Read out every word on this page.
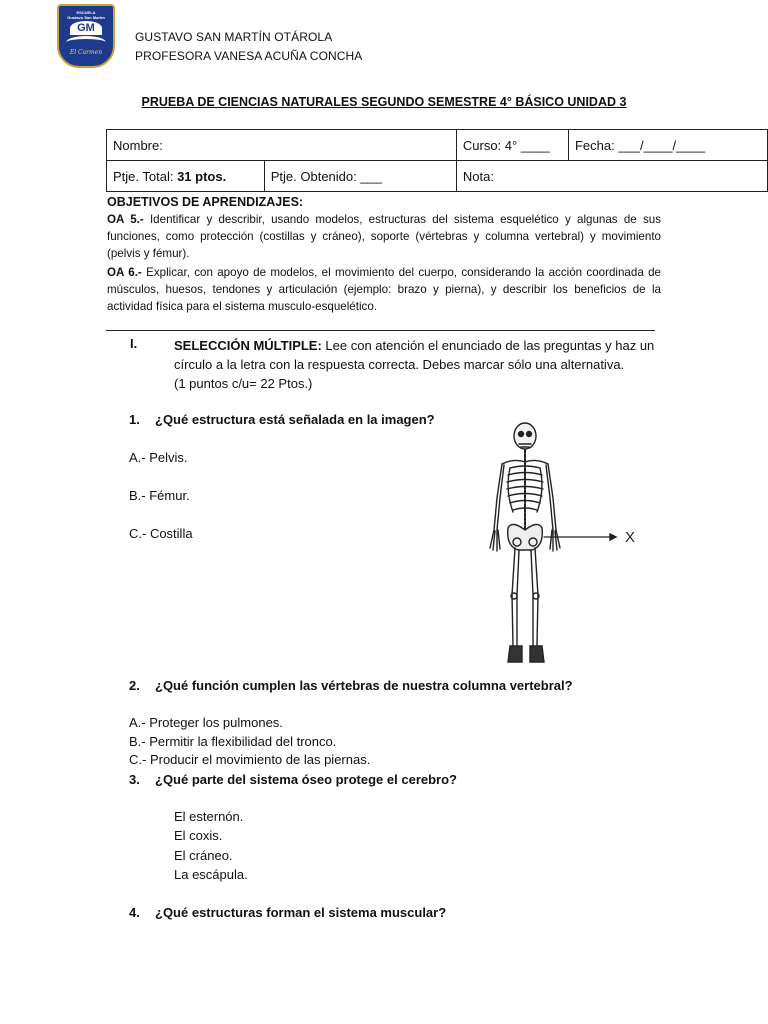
ESCUELA
Gustavo San Martín
GM
El Carmen
GUSTAVO SAN MARTÍN OTÁROLA
PROFESORA VANESA ACUÑA CONCHA
PRUEBA DE CIENCIAS NATURALES SEGUNDO SEMESTRE 4° BÁSICO UNIDAD 3
Nombre:		Curso: 4° ____	Fecha: ___/____/____
Ptje. Total: 31 ptos.	Ptje. Obtenido: ___	Nota:	
OBJETIVOS DE APRENDIZAJES:
OA 5.- Identificar y describir, usando modelos, estructuras del sistema esquelético y algunas de sus funciones, como protección (costillas y cráneo), soporte (vértebras y columna vertebral) y movimiento (pelvis y fémur).
OA 6.- Explicar, con apoyo de modelos, el movimiento del cuerpo, considerando la acción coordinada de músculos, huesos, tendones y articulación (ejemplo: brazo y pierna), y describir los beneficios de la actividad física para el sistema musculo-esquelético.
I.	SELECCIÓN MÚLTIPLE: Lee con atención el enunciado de las preguntas y haz un
círculo a la letra con la respuesta correcta. Debes marcar sólo una alternativa.
(1 puntos c/u= 22 Ptos.)
1. ¿Qué estructura está señalada en la imagen?
A.- Pelvis.
B.- Fémur.
C.- Costilla	X
2. ¿Qué función cumplen las vértebras de nuestra columna vertebral?
A.- Proteger los pulmones.
B.- Permitir la flexibilidad del tronco.
C.- Producir el movimiento de las piernas.
3. ¿Qué parte del sistema óseo protege el cerebro?
El esternón.
El coxis.
El cráneo.
La escápula.
4. ¿Qué estructuras forman el sistema muscular?
